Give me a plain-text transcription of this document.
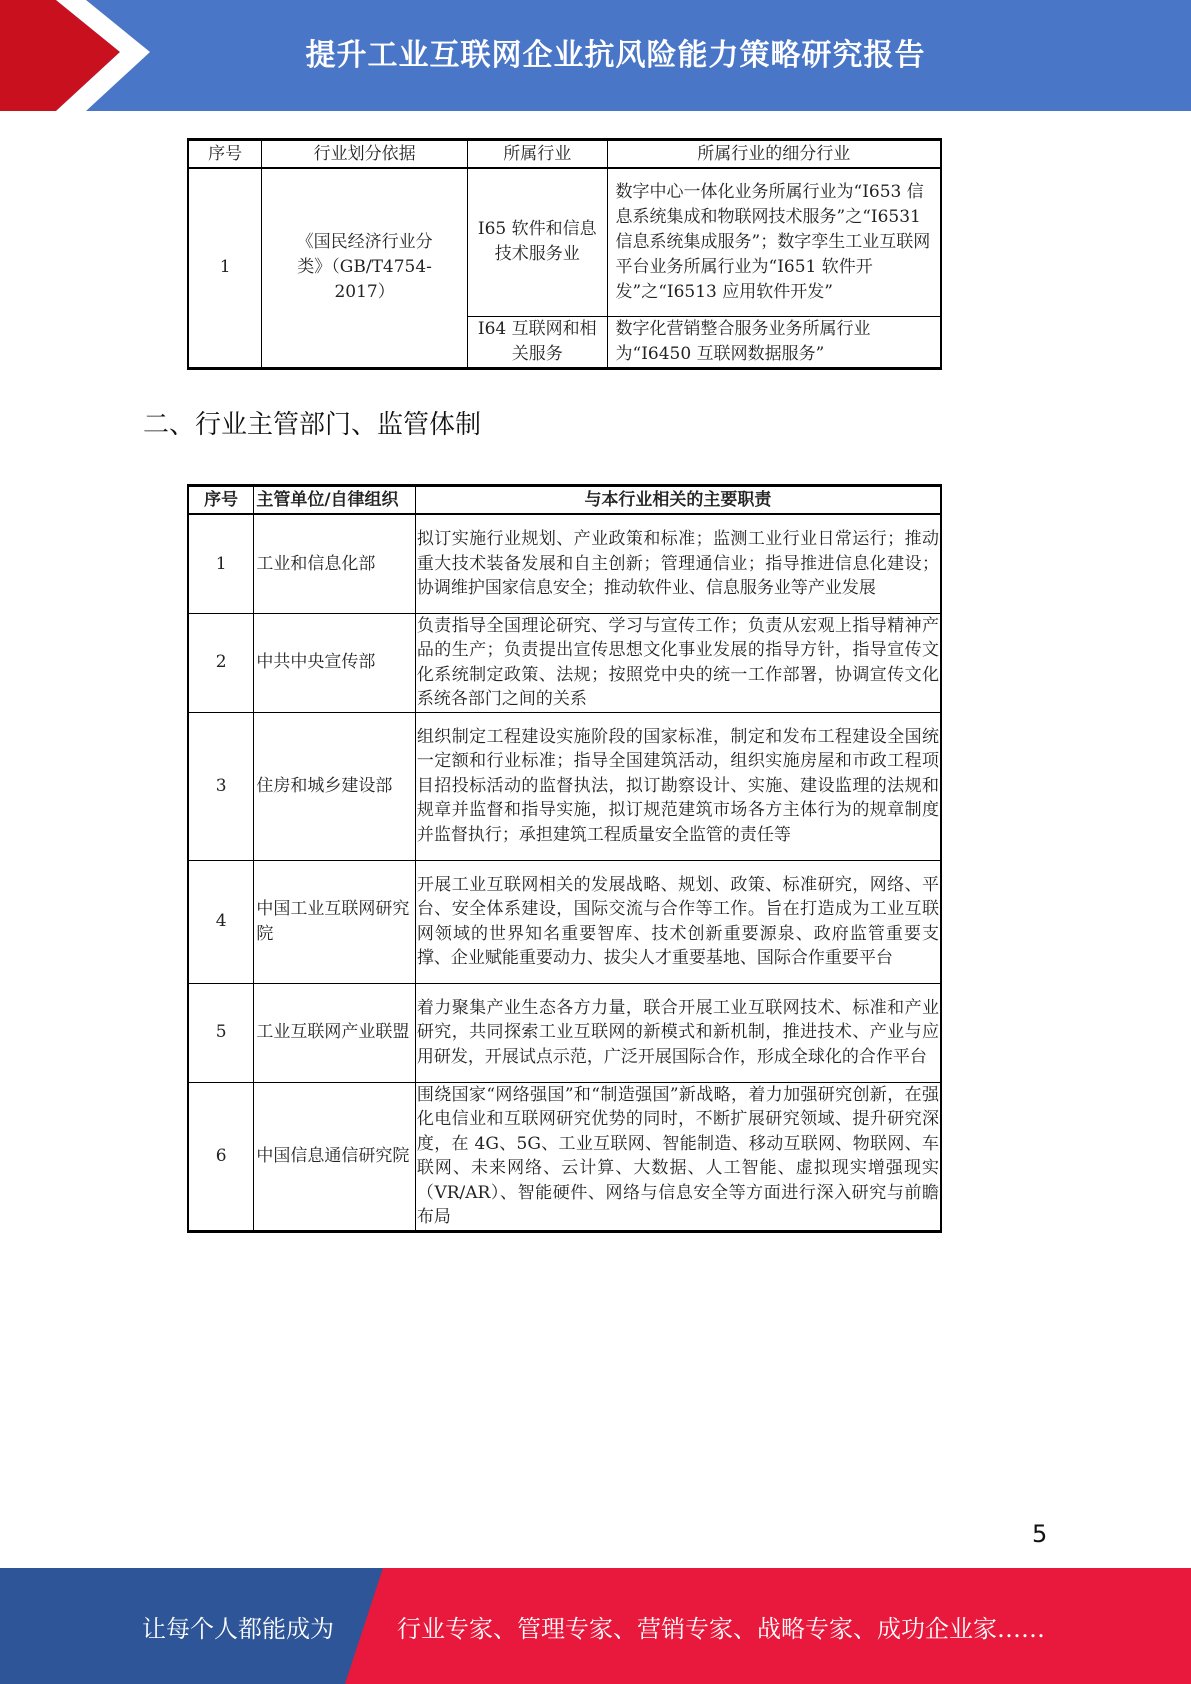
提升工业互联网企业抗风险能力策略研究报告
序号	行业划分依据	所属行业	所属行业的细分行业
1	《国民经济行业分类》（GB/T4754-2017）	I65 软件和信息技术服务业	数字中心一体化业务所属行业为“I653 信息系统集成和物联网技术服务”之“I6531 信息系统集成服务”；数字孪生工业互联网平台业务所属行业为“I651 软件开发”之“I6513 应用软件开发”
		I64 互联网和相关服务	数字化营销整合服务业务所属行业为“I6450 互联网数据服务”
二、行业主管部门、监管体制
序号	主管单位/自律组织	与本行业相关的主要职责
1	工业和信息化部	拟订实施行业规划、产业政策和标准；监测工业行业日常运行；推动重大技术装备发展和自主创新；管理通信业；指导推进信息化建设；协调维护国家信息安全；推动软件业、信息服务业等产业发展
2	中共中央宣传部	负责指导全国理论研究、学习与宣传工作；负责从宏观上指导精神产品的生产；负责提出宣传思想文化事业发展的指导方针，指导宣传文化系统制定政策、法规；按照党中央的统一工作部署，协调宣传文化系统各部门之间的关系
3	住房和城乡建设部	组织制定工程建设实施阶段的国家标准，制定和发布工程建设全国统一定额和行业标准；指导全国建筑活动，组织实施房屋和市政工程项目招投标活动的监督执法，拟订勘察设计、实施、建设监理的法规和规章并监督和指导实施，拟订规范建筑市场各方主体行为的规章制度并监督执行；承担建筑工程质量安全监管的责任等
4	中国工业互联网研究院	开展工业互联网相关的发展战略、规划、政策、标准研究，网络、平台、安全体系建设，国际交流与合作等工作。旨在打造成为工业互联网领域的世界知名重要智库、技术创新重要源泉、政府监管重要支撑、企业赋能重要动力、拔尖人才重要基地、国际合作重要平台
5	工业互联网产业联盟	着力聚集产业生态各方力量，联合开展工业互联网技术、标准和产业研究，共同探索工业互联网的新模式和新机制，推进技术、产业与应用研发，开展试点示范，广泛开展国际合作，形成全球化的合作平台
6	中国信息通信研究院	围绕国家“网络强国”和“制造强国”新战略，着力加强研究创新，在强化电信业和互联网研究优势的同时，不断扩展研究领域、提升研究深度，在 4G、5G、工业互联网、智能制造、移动互联网、物联网、车联网、未来网络、云计算、大数据、人工智能、虚拟现实增强现实（VR/AR）、智能硬件、网络与信息安全等方面进行深入研究与前瞻布局
5
让每个人都能成为	行业专家、管理专家、营销专家、战略专家、成功企业家……
